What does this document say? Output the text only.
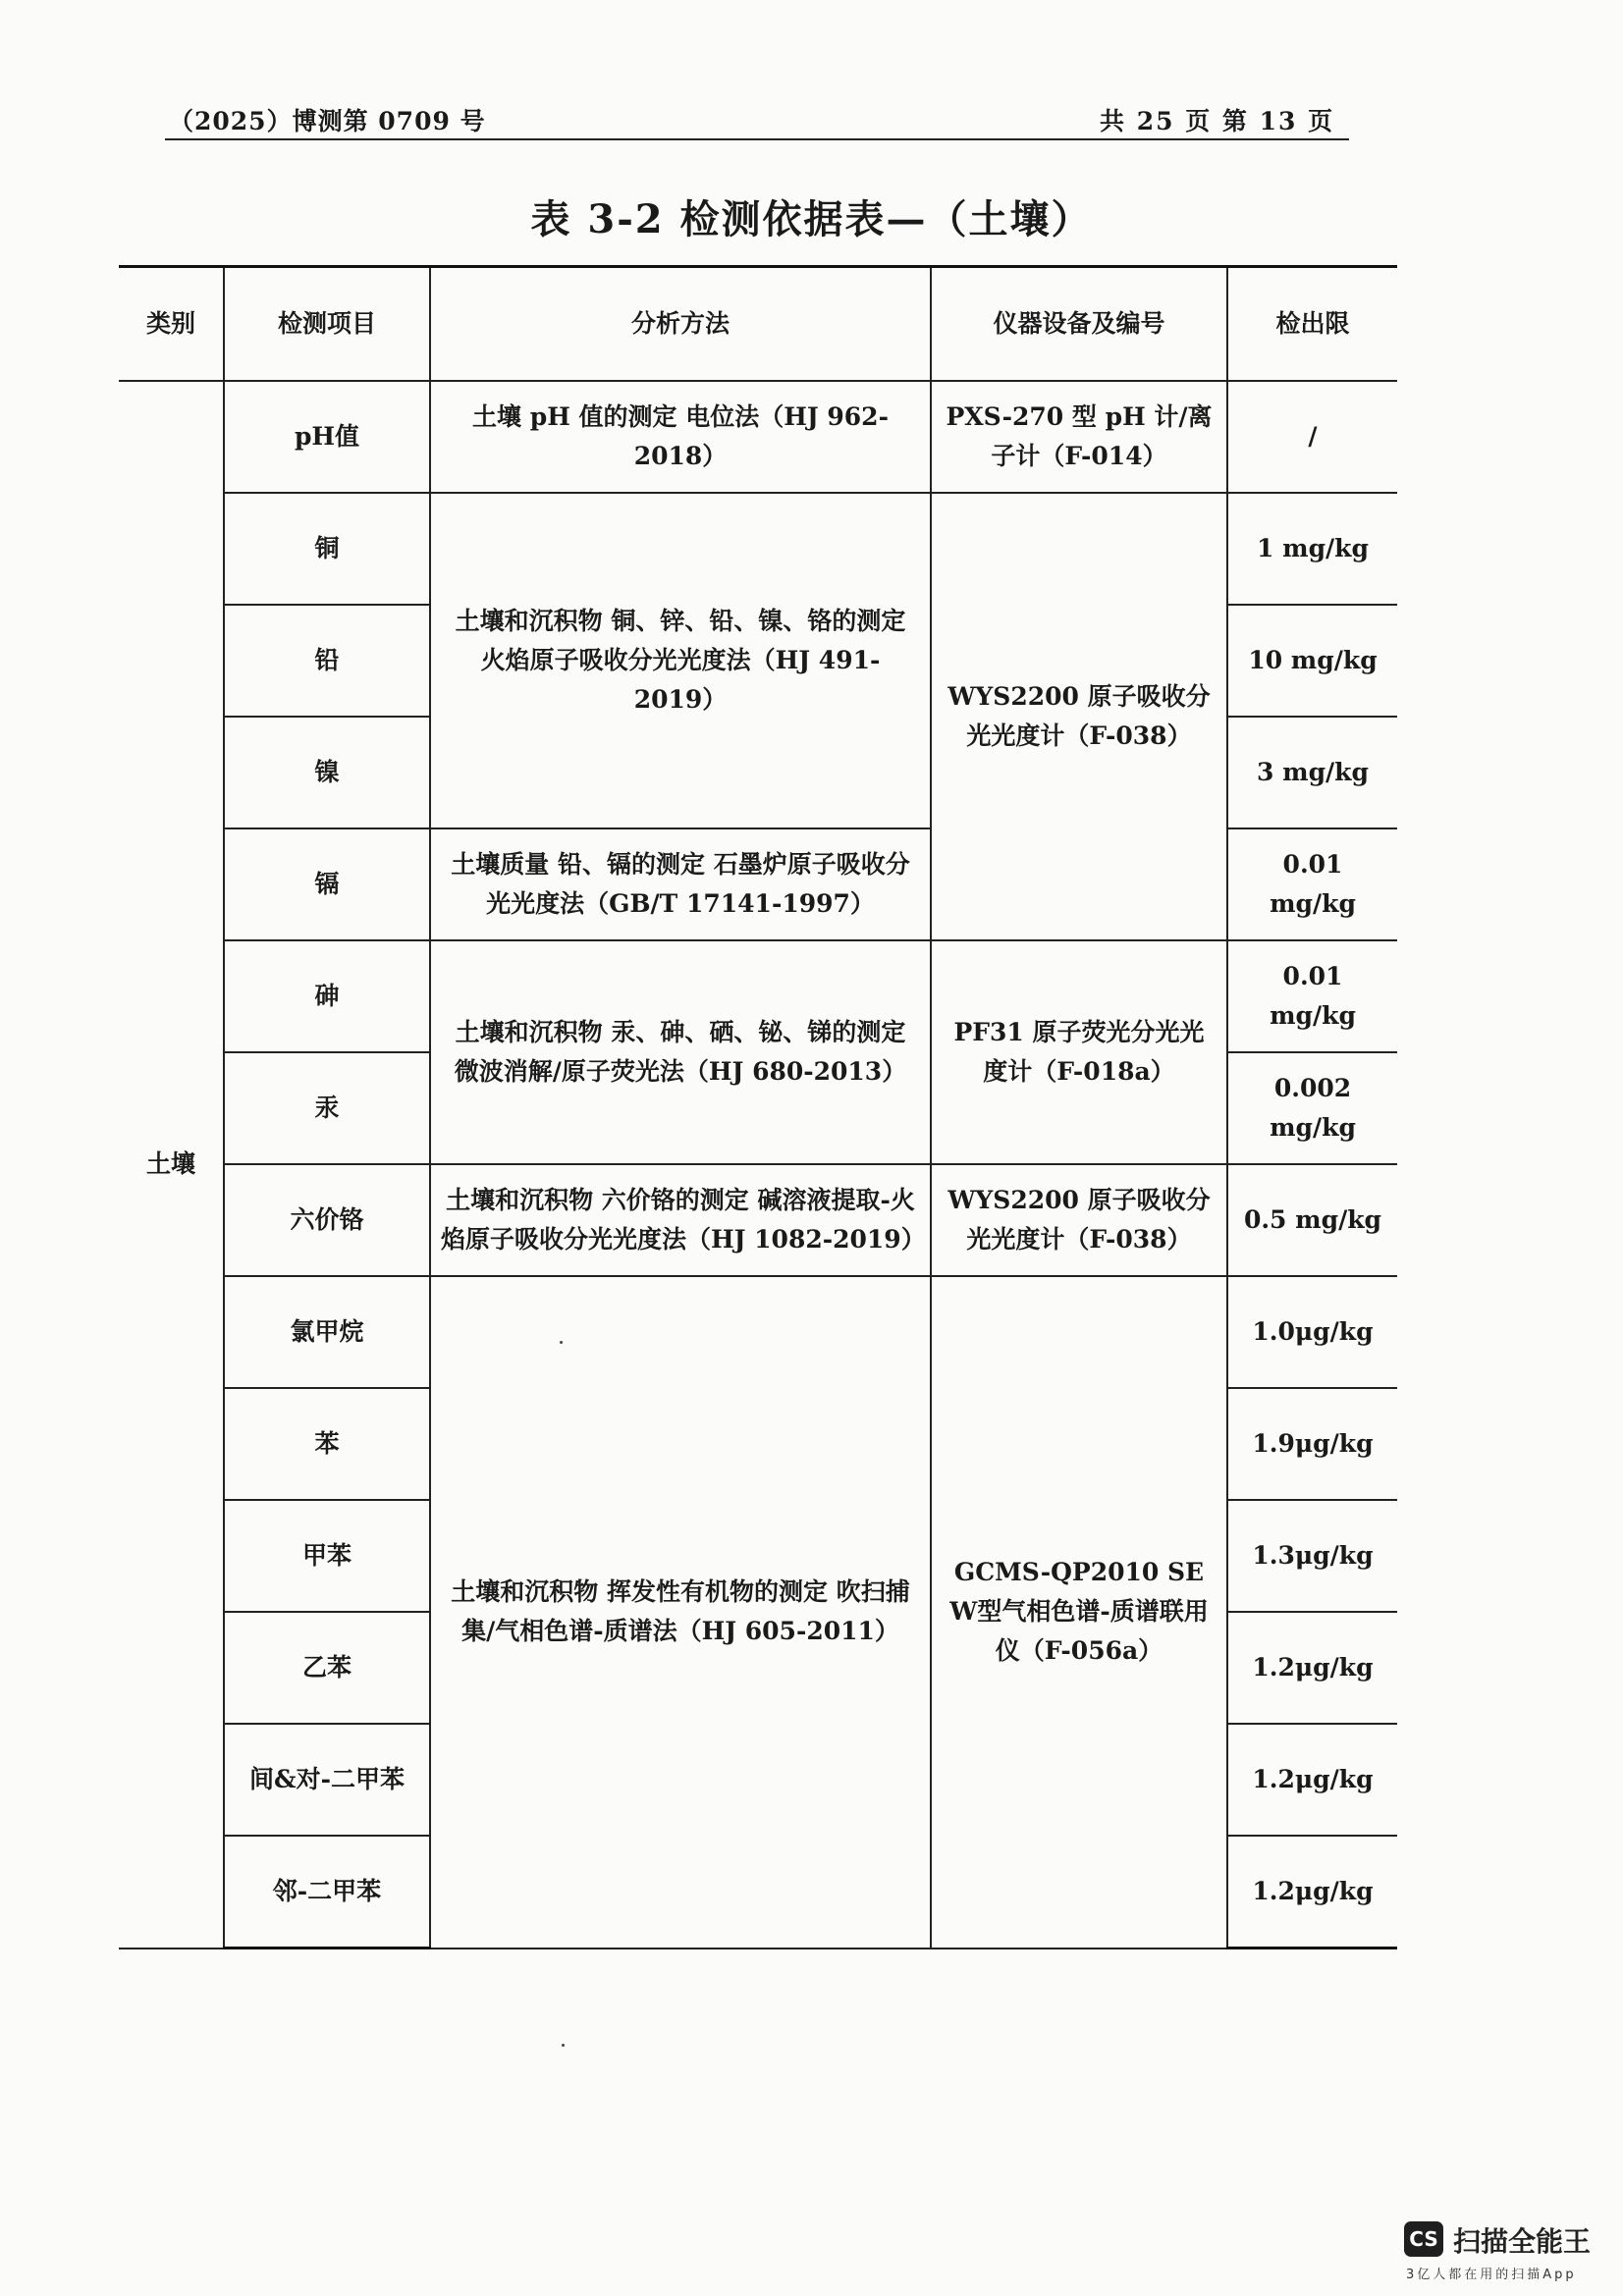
（2025）博测第 0709 号	共 25 页 第 13 页
表 3-2 检测依据表—（土壤）
类别	检测项目	分析方法	仪器设备及编号	检出限
土壤	pH值	土壤 pH 值的测定 电位法（HJ 962-2018）	PXS-270 型 pH 计/离子计（F-014）	/
	铜	土壤和沉积物 铜、锌、铅、镍、铬的测定 火焰原子吸收分光光度法（HJ 491-2019）	WYS2200 原子吸收分光光度计（F-038）	1 mg/kg
	铅			10 mg/kg
	镍			3 mg/kg
	镉	土壤质量 铅、镉的测定 石墨炉原子吸收分光光度法（GB/T 17141-1997）		0.01 mg/kg
	砷	土壤和沉积物 汞、砷、硒、铋、锑的测定 微波消解/原子荧光法（HJ 680-2013）	PF31 原子荧光分光光度计（F-018a）	0.01 mg/kg
	汞			0.002 mg/kg
	六价铬	土壤和沉积物 六价铬的测定 碱溶液提取-火焰原子吸收分光光度法（HJ 1082-2019）	WYS2200 原子吸收分光光度计（F-038）	0.5 mg/kg
	氯甲烷	土壤和沉积物 挥发性有机物的测定 吹扫捕集/气相色谱-质谱法（HJ 605-2011）	GCMS-QP2010 SE W型气相色谱-质谱联用仪（F-056a）	1.0μg/kg
	苯			1.9μg/kg
	甲苯			1.3μg/kg
	乙苯			1.2μg/kg
	间&对-二甲苯			1.2μg/kg
	邻-二甲苯			1.2μg/kg
CS 扫描全能王
3亿人都在用的扫描App
